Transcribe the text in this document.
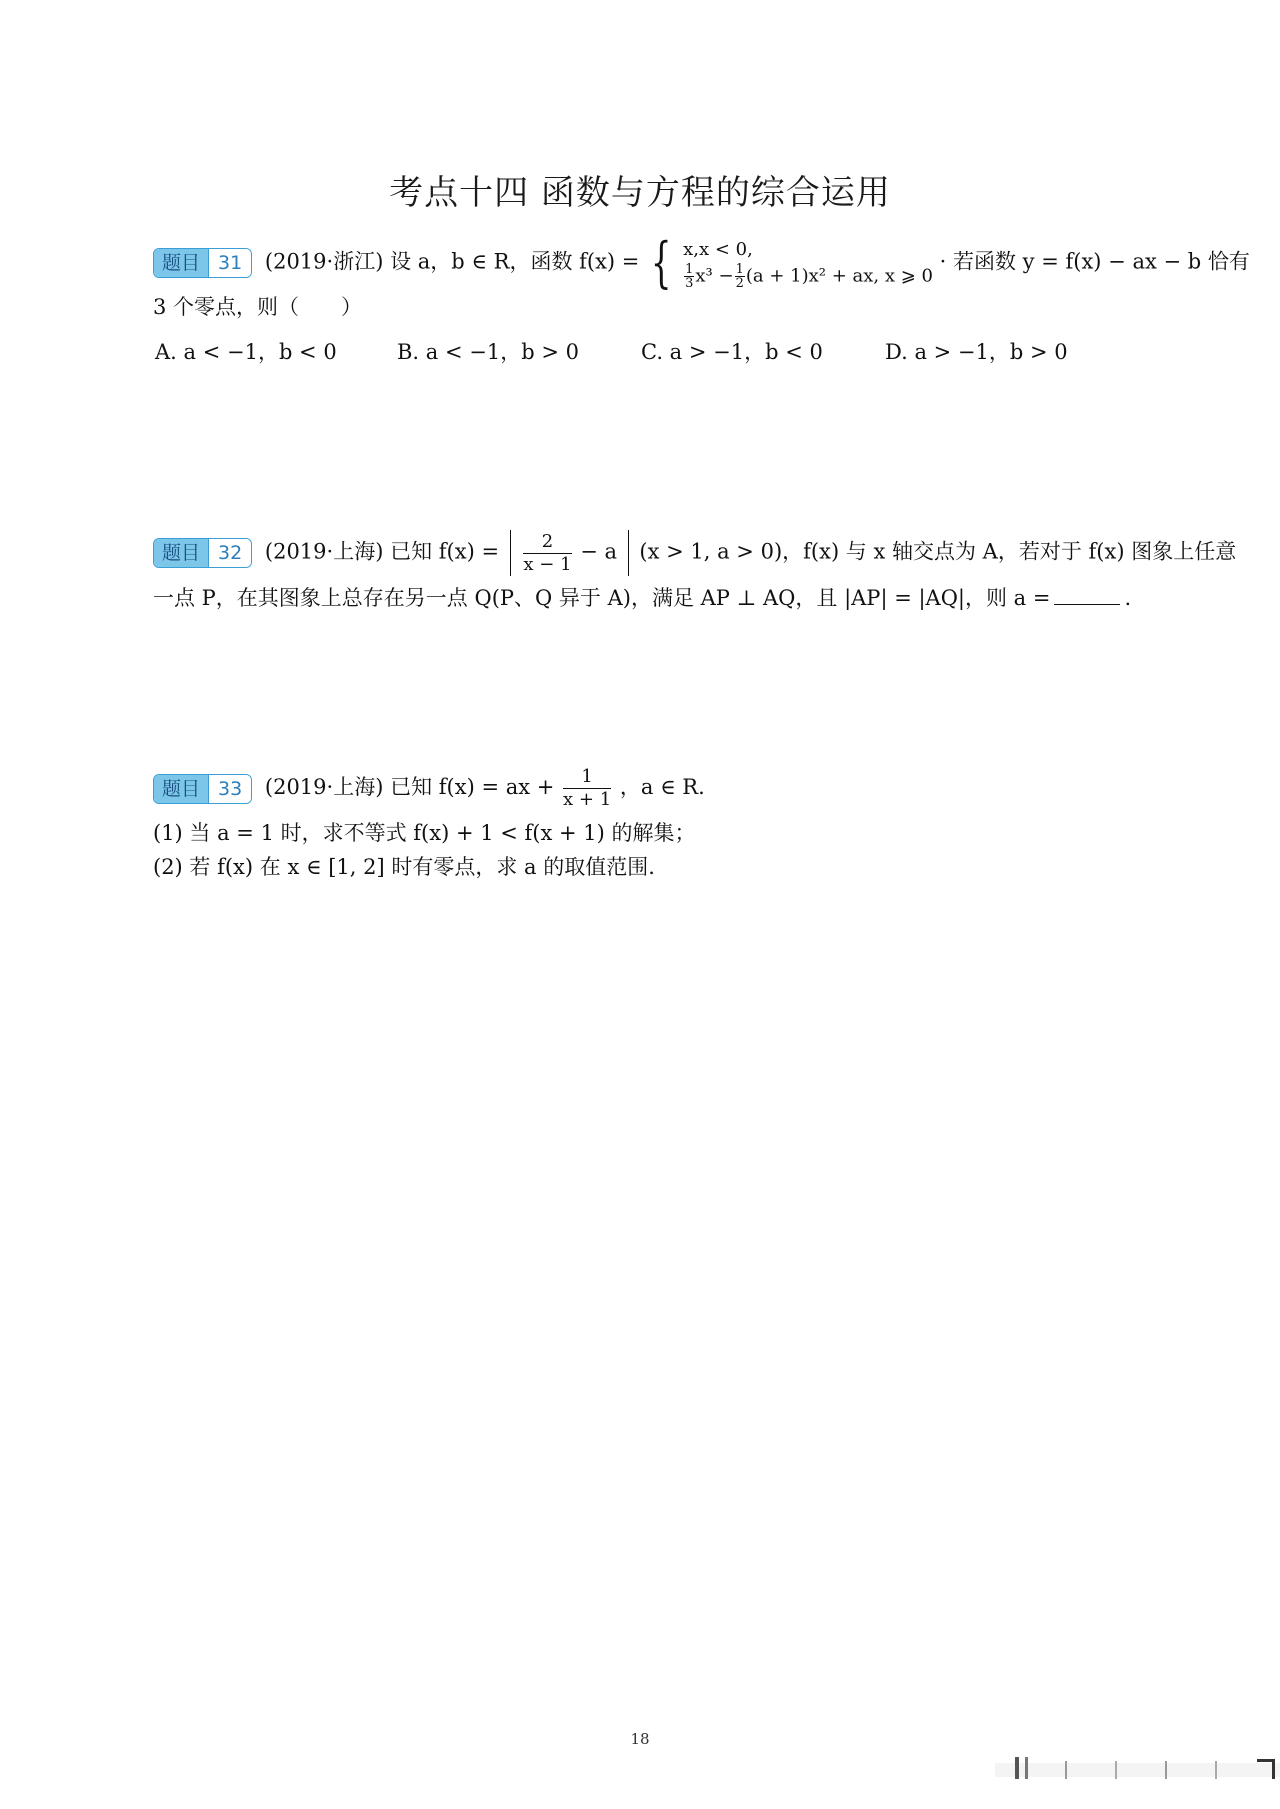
考点十四 函数与方程的综合运用
题目 31	(2019·浙江) 设 a，b ∈ R，函数 f(x) = { x,x < 0,
$\frac{1}{3} x^3 - \frac{1}{2} (a + 1)x^2$ + ax, x ⩾ 0
· 若函数 y = f(x) − ax − b 恰有
3 个零点，则（　　）
A. a < −1，b < 0	B. a < −1，b > 0	C. a > −1，b < 0	D. a > −1，b > 0
题目 32	(2019·上海) 已知 $f(x) = \frac{2}{x - 1} - a$ (x > 1, a > 0)，f(x) 与 x 轴交点为 A，若对于 f(x) 图象上任意
一点 P，在其图象上总存在另一点 Q(P、Q 异于 A)，满足 AP ⊥ AQ，且 |AP| = |AQ|，则 a =	.
题目 33	(2019·上海) 已知 f(x) = ax + $\frac{1}{x + 1}$ ，a ∈ R.
(1) 当 a = 1 时，求不等式 f(x) + 1 < f(x + 1) 的解集；
(2) 若 f(x) 在 x ∈ [1, 2] 时有零点，求 a 的取值范围.
18
